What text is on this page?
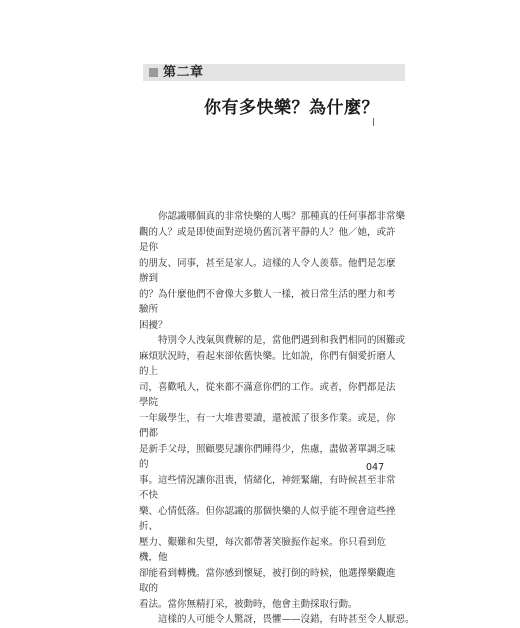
第二章
你有多快樂？為什麼？

你認識哪個真的非常快樂的人嗎？那種真的任何事都非常樂

觀的人？或是即使面對逆境仍舊沉著平靜的人？他／她，或許是你
的朋友、同事，甚至是家人。這樣的人令人羨慕。他們是怎麼辦到
的？為什麼他們不會像大多數人一樣，被日常生活的壓力和考驗所
困擾？

特別令人洩氣與費解的是，當他們遇到和我們相同的困難或

麻煩狀況時，看起來卻依舊快樂。比如說，你們有個愛折磨人的上
司，喜歡吼人，從來都不滿意你們的工作。或者，你們都是法學院
一年級學生，有一大堆書要讀，還被派了很多作業。或是，你們都
是新手父母，照顧嬰兒讓你們睡得少，焦慮，盡做著單調乏味的
事。這些情況讓你沮喪，情緒化，神經緊繃，有時候甚至非常不快
樂、心情低落。但你認識的那個快樂的人似乎能不理會這些挫折、
壓力、艱難和失望，每次都帶著笑臉振作起來。你只看到危機，他
卻能看到轉機。當你感到懷疑，被打倒的時候，他選擇樂觀進取的
看法。當你無精打采，被動時，他會主動採取行動。

這樣的人可能令人驚訝，畏懼——沒錯，有時甚至令人厭惡。

047
